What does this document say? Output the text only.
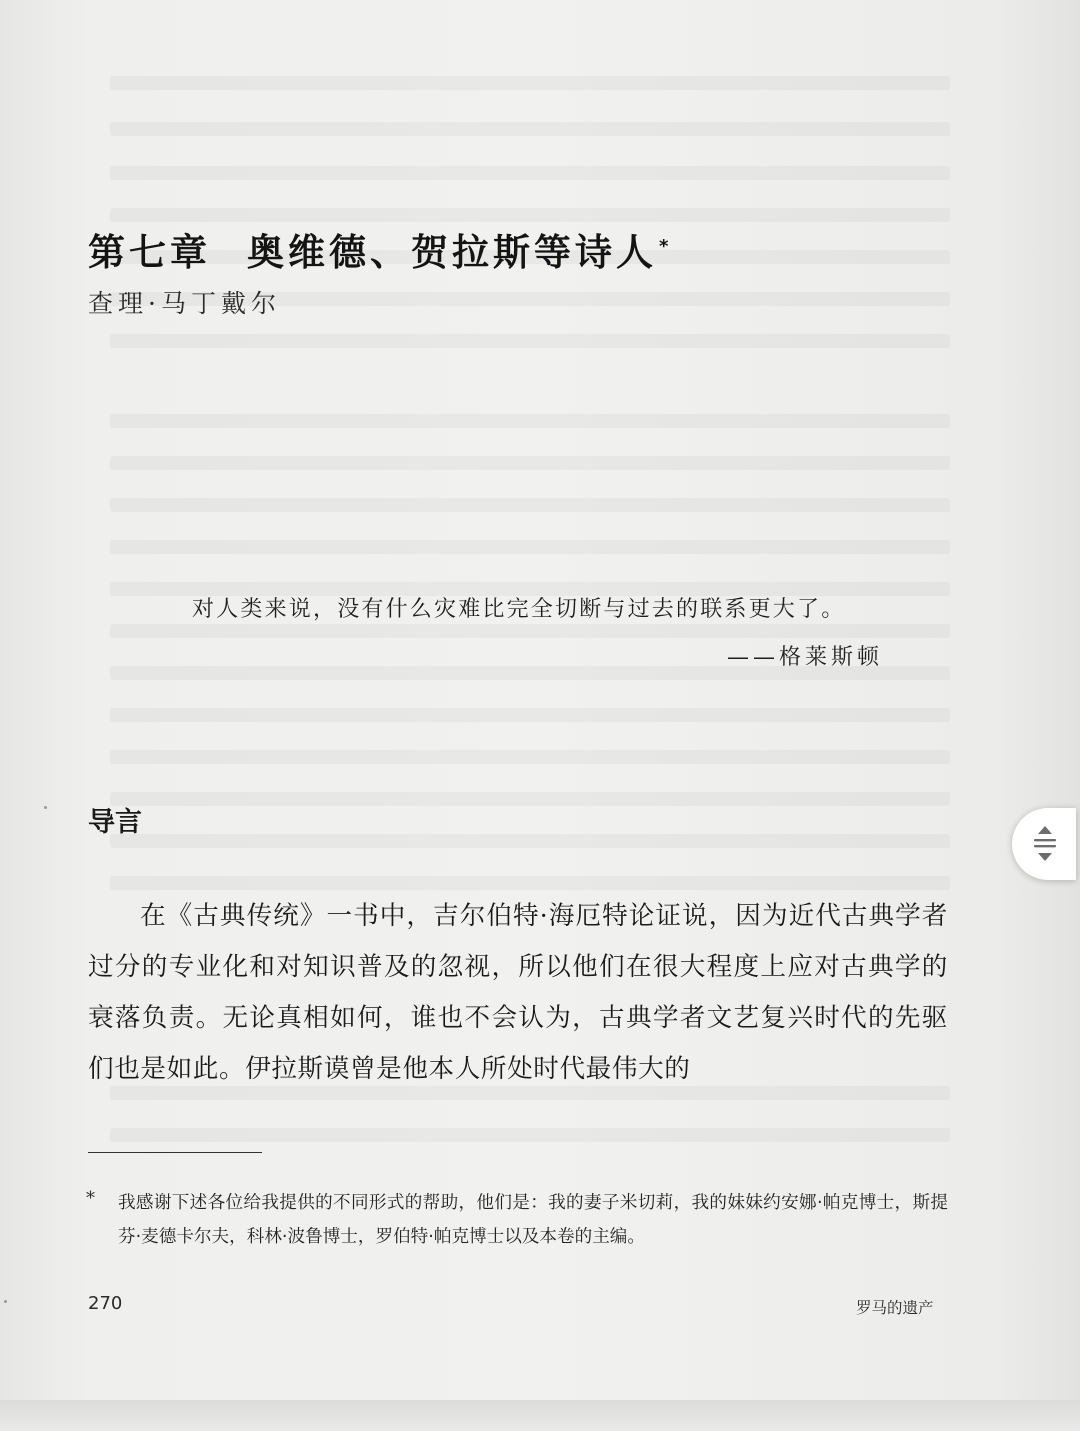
第七章 奥维德、贺拉斯等诗人 *
查理·马丁戴尔
对人类来说，没有什么灾难比完全切断与过去的联系更大了。
——格莱斯顿
导言

在《古典传统》一书中，吉尔伯特·海厄特论证说，因为近代古典学者过分的专业化和对知识普及的忽视，所以他们在很大程度上应对古典学的衰落负责。无论真相如何，谁也不会认为，古典学者文艺复兴时代的先驱们也是如此。伊拉斯谟曾是他本人所处时代最伟大的

* 我感谢下述各位给我提供的不同形式的帮助，他们是：我的妻子米切莉，我的妹妹约安娜·帕克博士，斯提芬·麦德卡尔夫，科林·波鲁博士，罗伯特·帕克博士以及本卷的主编。

270	罗马的遗产
